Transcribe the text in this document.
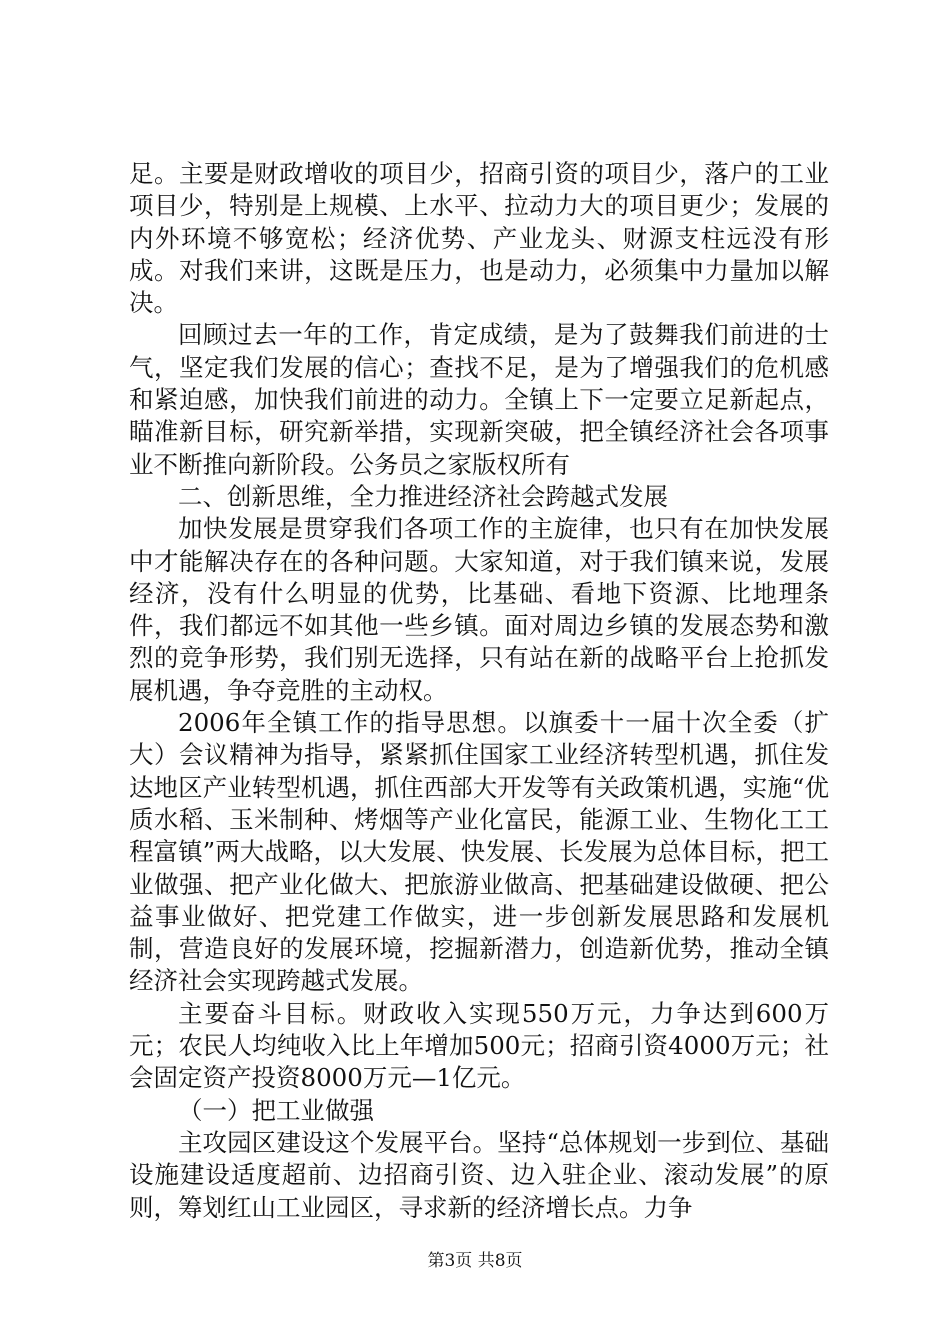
足。主要是财政增收的项目少，招商引资的项目少，落户的工业项目少，特别是上规模、上水平、拉动力大的项目更少；发展的内外环境不够宽松；经济优势、产业龙头、财源支柱远没有形成。对我们来讲，这既是压力，也是动力，必须集中力量加以解决。

回顾过去一年的工作，肯定成绩，是为了鼓舞我们前进的士气，坚定我们发展的信心；查找不足，是为了增强我们的危机感和紧迫感，加快我们前进的动力。全镇上下一定要立足新起点，瞄准新目标，研究新举措，实现新突破，把全镇经济社会各项事业不断推向新阶段。公务员之家版权所有

二、创新思维，全力推进经济社会跨越式发展

加快发展是贯穿我们各项工作的主旋律，也只有在加快发展中才能解决存在的各种问题。大家知道，对于我们镇来说，发展经济，没有什么明显的优势，比基础、看地下资源、比地理条件，我们都远不如其他一些乡镇。面对周边乡镇的发展态势和激烈的竞争形势，我们别无选择，只有站在新的战略平台上抢抓发展机遇，争夺竞胜的主动权。

2006年全镇工作的指导思想。以旗委十一届十次全委（扩大）会议精神为指导，紧紧抓住国家工业经济转型机遇，抓住发达地区产业转型机遇，抓住西部大开发等有关政策机遇，实施“优质水稻、玉米制种、烤烟等产业化富民，能源工业、生物化工工程富镇”两大战略，以大发展、快发展、长发展为总体目标，把工业做强、把产业化做大、把旅游业做高、把基础建设做硬、把公益事业做好、把党建工作做实，进一步创新发展思路和发展机制，营造良好的发展环境，挖掘新潜力，创造新优势，推动全镇经济社会实现跨越式发展。

主要奋斗目标。财政收入实现550万元，力争达到600万元；农民人均纯收入比上年增加500元；招商引资4000万元；社会固定资产投资8000万元—1亿元。

（一）把工业做强

主攻园区建设这个发展平台。坚持“总体规划一步到位、基础设施建设适度超前、边招商引资、边入驻企业、滚动发展”的原则，筹划红山工业园区，寻求新的经济增长点。力争

第3页 共8页
